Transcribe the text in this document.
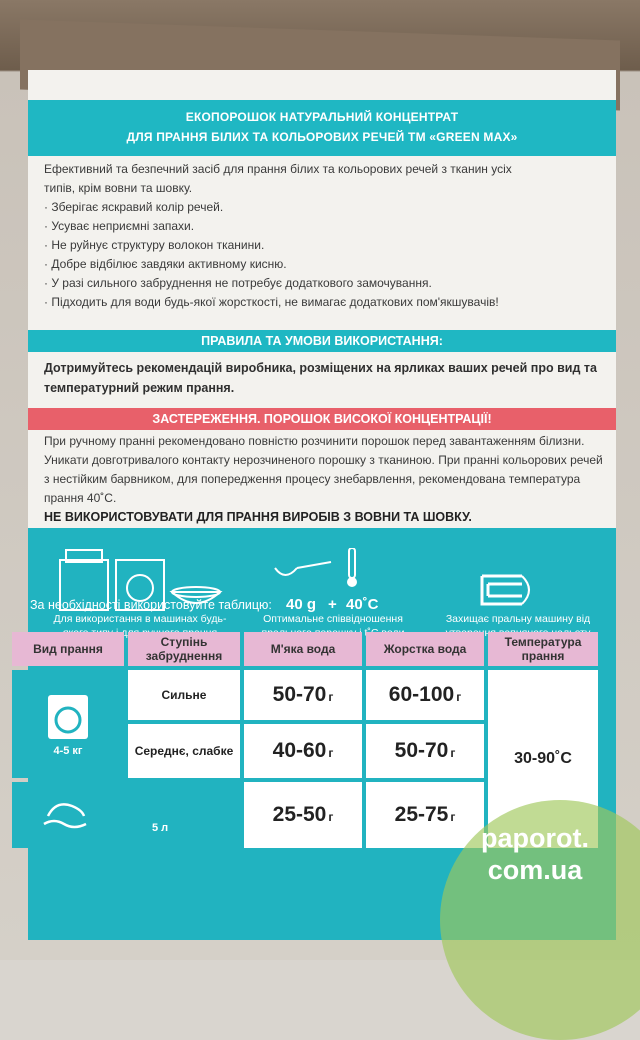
ЕКОПОРОШОК НАТУРАЛЬНИЙ КОНЦЕНТРАТ
ДЛЯ ПРАННЯ БІЛИХ ТА КОЛЬОРОВИХ РЕЧЕЙ ТМ «GREEN MAX»
Ефективний та безпечний засіб для прання білих та кольорових речей з тканин усіх
типів, крім вовни та шовку.
· Зберігає яскравий колір речей.
· Усуває неприємні запахи.
· Не руйнує структуру волокон тканини.
· Добре відбілює завдяки активному кисню.
· У разі сильного забруднення не потребує додаткового замочування.
· Підходить для води будь-якої жорсткості, не вимагає додаткових пом'якшувачів!
ПРАВИЛА ТА УМОВИ ВИКОРИСТАННЯ:
Дотримуйтесь рекомендацій виробника, розміщених на ярликах ваших речей про вид та температурний режим прання.
ЗАСТЕРЕЖЕННЯ. ПОРОШОК ВИСОКОЇ КОНЦЕНТРАЦІЇ!
При ручному пранні рекомендовано повністю розчинити порошок перед завантаженням білизни. Уникати довготривалого контакту нерозчиненого порошку з тканиною. При пранні кольорових речей з нестійким барвником, для попередження процесу знебарвлення, рекомендована температура прання 40˚С.
НЕ ВИКОРИСТОВУВАТИ ДЛЯ ПРАННЯ ВИРОБІВ З ВОВНИ ТА ШОВКУ.
40 g + 40˚C
Для використання в машинах будь-	Оптимальне співвідношення	Захищає пральну машину від
За необхідності використовуйте таблицю:
Вид прання	Ступінь забруднення	М'яка вода	Жорстка вода	Температура прання

4-5 кг	Сильне	50-70 г	60-100 г	30-90˚С
	Середнє, слабке	40-60 г	50-70 г	

5 л		25-50 г	25-75 г	
paporot.
com.ua
